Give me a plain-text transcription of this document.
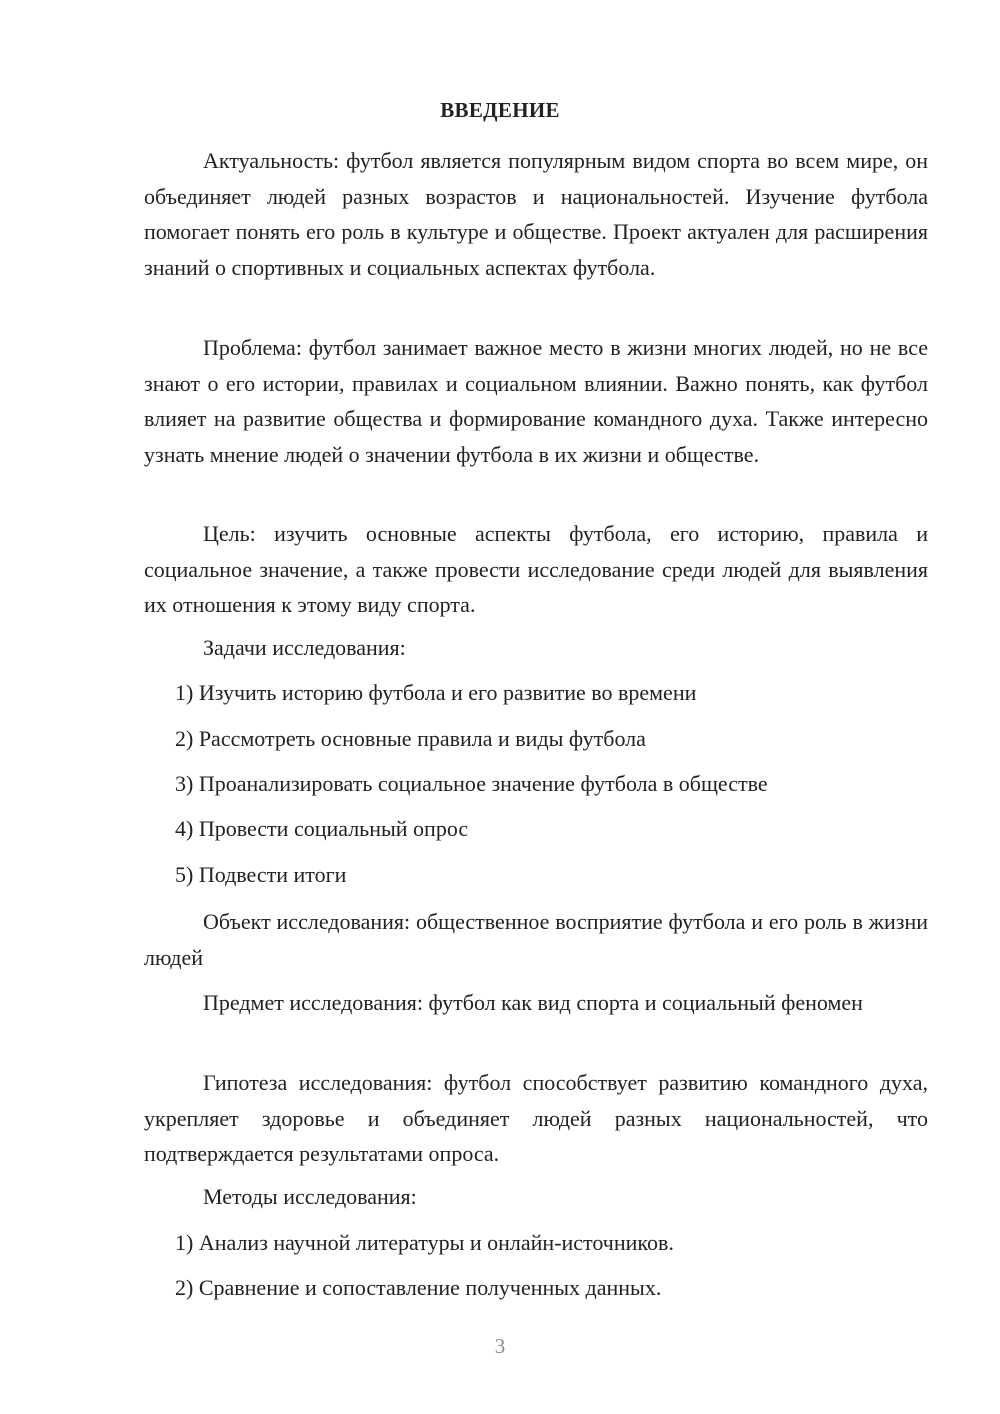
ВВЕДЕНИЕ

Актуальность: футбол является популярным видом спорта во всем мире, он объединяет людей разных возрастов и национальностей. Изучение футбола помогает понять его роль в культуре и обществе. Проект актуален для расширения знаний о спортивных и социальных аспектах футбола.

Проблема: футбол занимает важное место в жизни многих людей, но не все знают о его истории, правилах и социальном влиянии. Важно понять, как футбол влияет на развитие общества и формирование командного духа. Также интересно узнать мнение людей о значении футбола в их жизни и обществе.

Цель: изучить основные аспекты футбола, его историю, правила и социальное значение, а также провести исследование среди людей для выявления их отношения к этому виду спорта.

Задачи исследования:

1) Изучить историю футбола и его развитие во времени

2) Рассмотреть основные правила и виды футбола

3) Проанализировать социальное значение футбола в обществе

4) Провести социальный опрос

5) Подвести итоги

Объект исследования: общественное восприятие футбола и его роль в жизни людей

Предмет исследования: футбол как вид спорта и социальный феномен

Гипотеза исследования: футбол способствует развитию командного духа, укрепляет здоровье и объединяет людей разных национальностей, что подтверждается результатами опроса.

Методы исследования:

1) Анализ научной литературы и онлайн-источников.

2) Сравнение и сопоставление полученных данных.

3
